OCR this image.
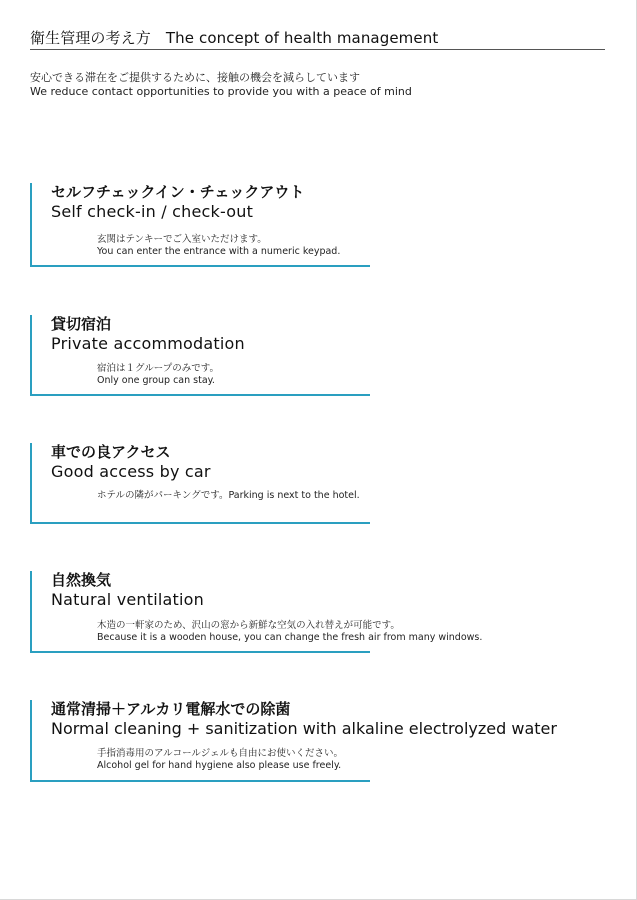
衛生管理の考え方　The concept of health management
安心できる滞在をご提供するために、接触の機会を減らしています
We reduce contact opportunities to provide you with a peace of mind
セルフチェックイン・チェックアウト
Self check-in / check-out
玄関はテンキーでご入室いただけます。
You can enter the entrance with a numeric keypad.
貸切宿泊
Private accommodation
宿泊は１グループのみです。
Only one group can stay.
車での良アクセス
Good access by car
ホテルの隣がパーキングです。Parking is next to the hotel.
自然換気
Natural ventilation
木造の一軒家のため、沢山の窓から新鮮な空気の入れ替えが可能です。
Because it is a wooden house, you can change the fresh air from many windows.
通常清掃＋アルカリ電解水での除菌
Normal cleaning + sanitization with alkaline electrolyzed water
手指消毒用のアルコールジェルも自由にお使いください。
Alcohol gel for hand hygiene also please use freely.
